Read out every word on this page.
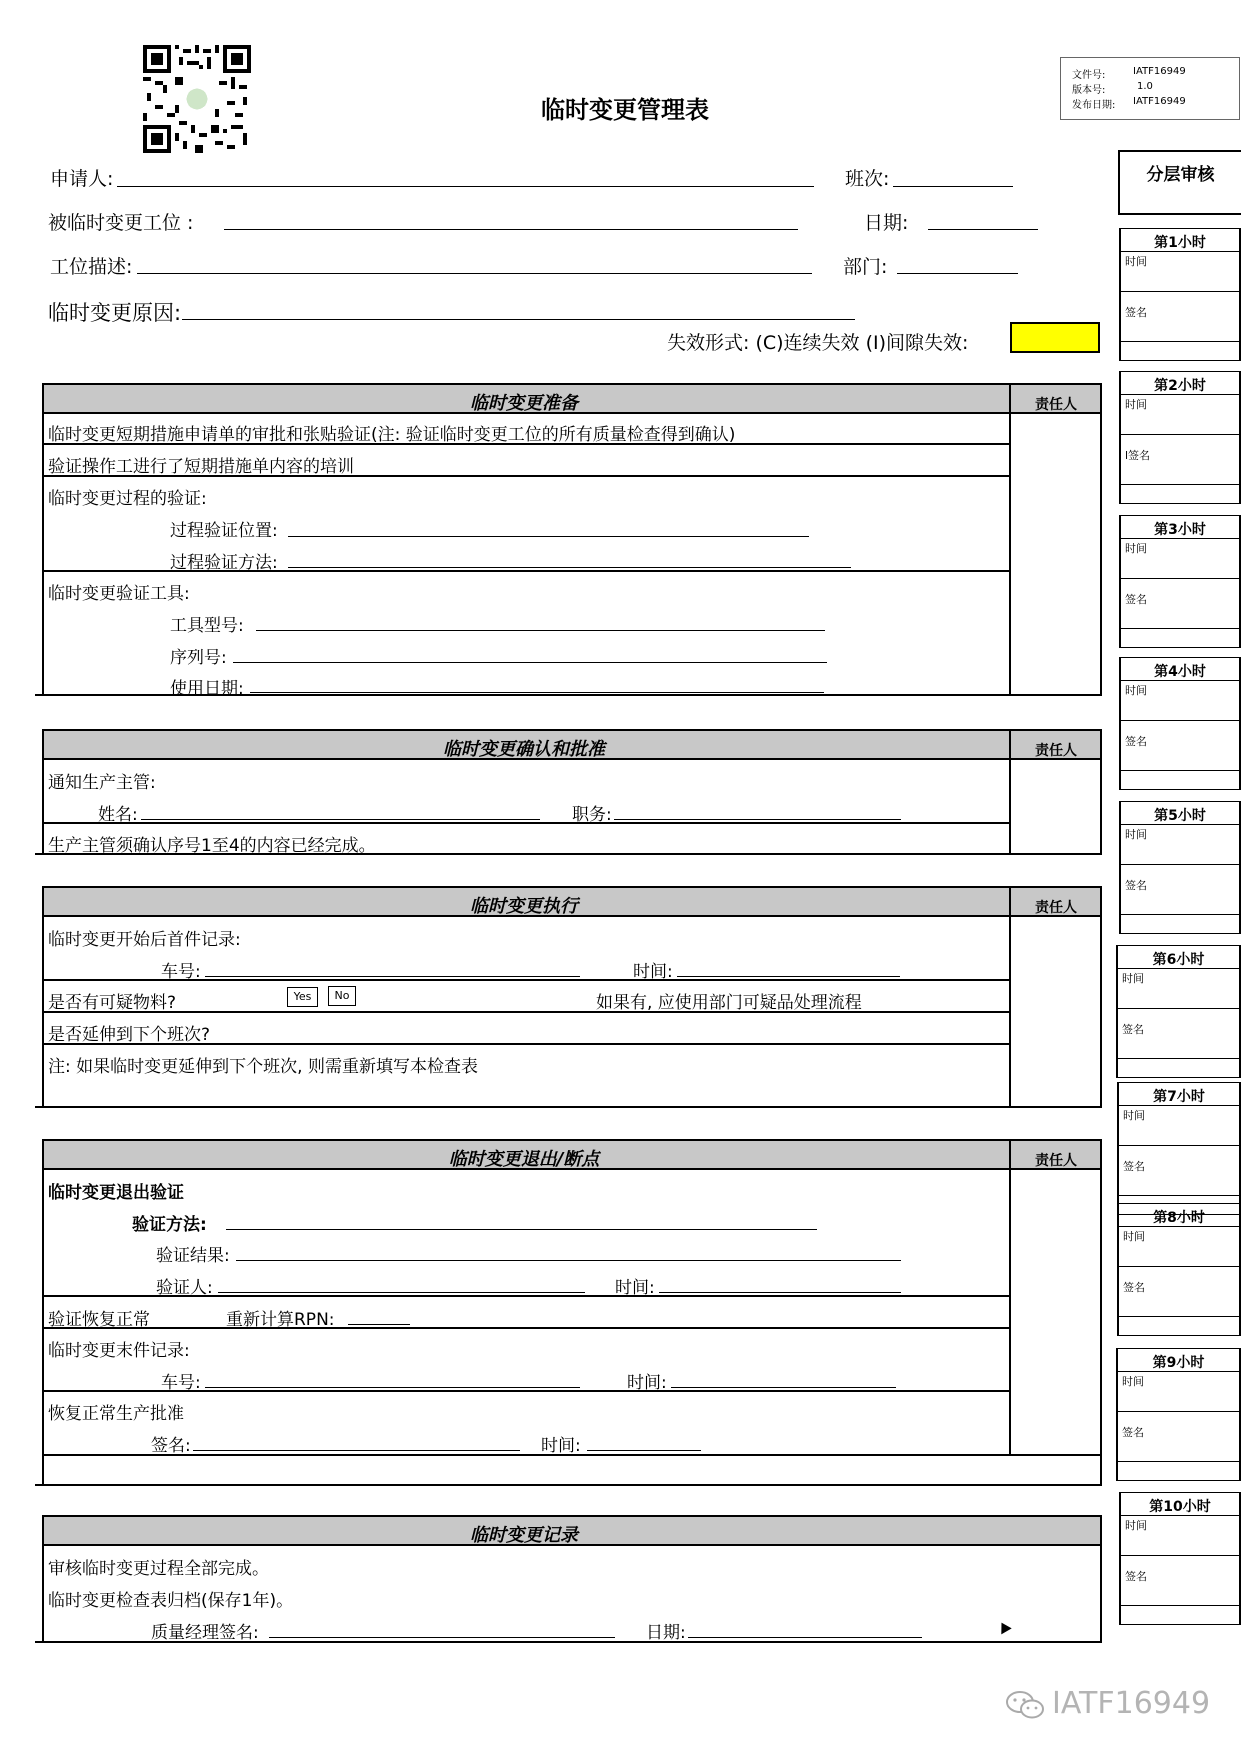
临时变更管理表
文件号:	IATF16949
版本号:	1.0
发布日期: IATF16949
申请人:	班次:
被临时变更工位 :	日期:
工位描述:	部门:
临时变更原因:
失效形式: (C)连续失效 (I)间隙失效:
临时变更准备	责任人
临时变更短期措施申请单的审批和张贴验证(注: 验证临时变更工位的所有质量检查得到确认)
验证操作工进行了短期措施单内容的培训
临时变更过程的验证:
过程验证位置:
过程验证方法:
临时变更验证工具:
工具型号:
序列号:
使用日期:
临时变更确认和批准	责任人
通知生产主管:
姓名:	职务:
生产主管须确认序号1至4的内容已经完成。
临时变更执行	责任人
临时变更开始后首件记录:
车号:	时间:
是否有可疑物料?	Yes	No	如果有, 应使用部门可疑品处理流程
是否延伸到下个班次?
注: 如果临时变更延伸到下个班次, 则需重新填写本检查表
临时变更退出/断点	责任人
临时变更退出验证
验证方法:
验证结果:
验证人:	时间:
验证恢复正常	重新计算RPN:
临时变更末件记录:
车号:	时间:
恢复正常生产批准
签名:	时间:
临时变更记录
审核临时变更过程全部完成。
临时变更检查表归档(保存1年)。
质量经理签名:	日期:
分层审核
第1小时
时间
签名
第2小时
时间
l签名
第3小时
时间
签名
第4小时
时间
签名
第5小时
时间
签名
第6小时
时间
签名
第7小时
时间
签名
第8小时
时间
签名
第9小时
时间
签名
第10小时
时间
签名
IATF16949
